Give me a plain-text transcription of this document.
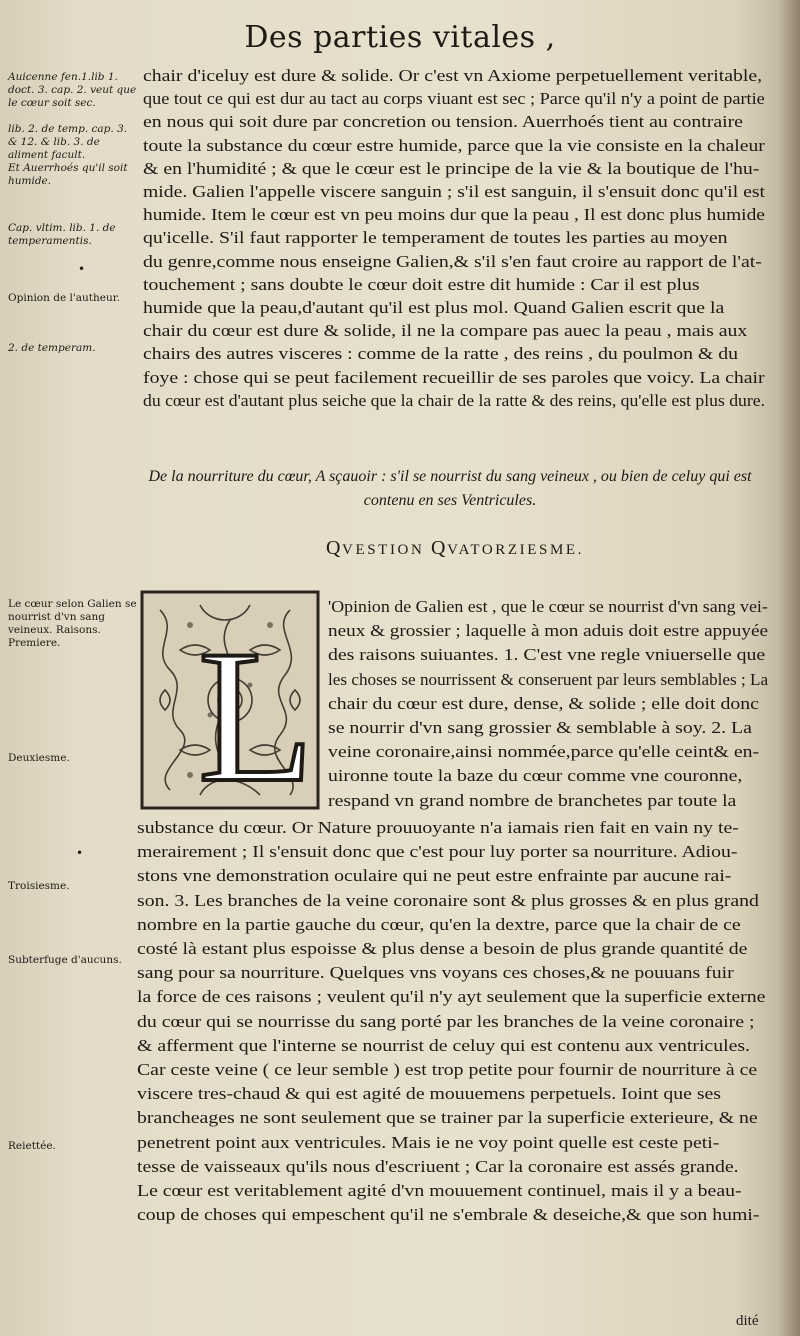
Des parties vitales ,
Auicenne fen.1.lib 1. doct. 3. cap. 2. veut que le cœur soit sec.
lib. 2. de temp. cap. 3. & 12. & lib. 3. de aliment facult.
Et Auerrhoés qu'il soit humide.
Cap. vltim. lib. 1. de temperamentis.
Opinion de l'autheur.
2. de temperam.
Le cœur selon Galien se nourrist d'vn sang veineux. Raisons. Premiere.
Deuxiesme.
Troisiesme.
Subterfuge d'aucuns.
Reiettée.
chair d'iceluy est dure & solide. Or c'est vn Axiome perpetuellement veritable,
que tout ce qui est dur au tact au corps viuant est sec ; Parce qu'il n'y a point de partie
en nous qui soit dure par concretion ou tension. Auerrhoés tient au contraire
toute la substance du cœur estre humide, parce que la vie consiste en la chaleur
& en l'humidité ; & que le cœur est le principe de la vie & la boutique de l'hu-
mide. Galien l'appelle viscere sanguin ; s'il est sanguin, il s'ensuit donc qu'il est
humide. Item le cœur est vn peu moins dur que la peau , Il est donc plus humide
qu'icelle. S'il faut rapporter le temperament de toutes les parties au moyen
du genre,comme nous enseigne Galien,& s'il s'en faut croire au rapport de l'at-
touchement ; sans doubte le cœur doit estre dit humide : Car il est plus
humide que la peau,d'autant qu'il est plus mol. Quand Galien escrit que la
chair du cœur est dure & solide, il ne la compare pas auec la peau , mais aux
chairs des autres visceres : comme de la ratte , des reins , du poulmon & du
foye : chose qui se peut facilement recueillir de ses paroles que voicy. La chair
du cœur est d'autant plus seiche que la chair de la ratte & des reins, qu'elle est plus dure.
De la nourriture du cœur, A sçauoir : s'il se nourrist du sang veineux , ou bien de celuy qui est
contenu en ses Ventricules.
QVESTION QVATORZIESME.
L
'Opinion de Galien est , que le cœur se nourrist d'vn sang vei-
neux & grossier ; laquelle à mon aduis doit estre appuyée
des raisons suiuantes. 1. C'est vne regle vniuerselle que
les choses se nourrissent & conseruent par leurs semblables ; La
chair du cœur est dure, dense, & solide ; elle doit donc
se nourrir d'vn sang grossier & semblable à soy. 2. La
veine coronaire,ainsi nommée,parce qu'elle ceint& en-
uironne toute la baze du cœur comme vne couronne,
respand vn grand nombre de branchetes par toute la
substance du cœur. Or Nature prouuoyante n'a iamais rien fait en vain ny te-
merairement ; Il s'ensuit donc que c'est pour luy porter sa nourriture. Adiou-
stons vne demonstration oculaire qui ne peut estre enfrainte par aucune rai-
son. 3. Les branches de la veine coronaire sont & plus grosses & en plus grand
nombre en la partie gauche du cœur, qu'en la dextre, parce que la chair de ce
costé là estant plus espoisse & plus dense a besoin de plus grande quantité de
sang pour sa nourriture. Quelques vns voyans ces choses,& ne pouuans fuir
la force de ces raisons ; veulent qu'il n'y ayt seulement que la superficie externe
du cœur qui se nourrisse du sang porté par les branches de la veine coronaire ;
& afferment que l'interne se nourrist de celuy qui est contenu aux ventricules.
Car ceste veine ( ce leur semble ) est trop petite pour fournir de nourriture à ce
viscere tres-chaud & qui est agité de mouuemens perpetuels. Ioint que ses
brancheages ne sont seulement que se trainer par la superficie exterieure, & ne
penetrent point aux ventricules. Mais ie ne voy point quelle est ceste peti-
tesse de vaisseaux qu'ils nous d'escriuent ; Car la coronaire est assés grande.
Le cœur est veritablement agité d'vn mouuement continuel, mais il y a beau-
coup de choses qui empeschent qu'il ne s'embrale & deseiche,& que son humi-
dité
•
•
